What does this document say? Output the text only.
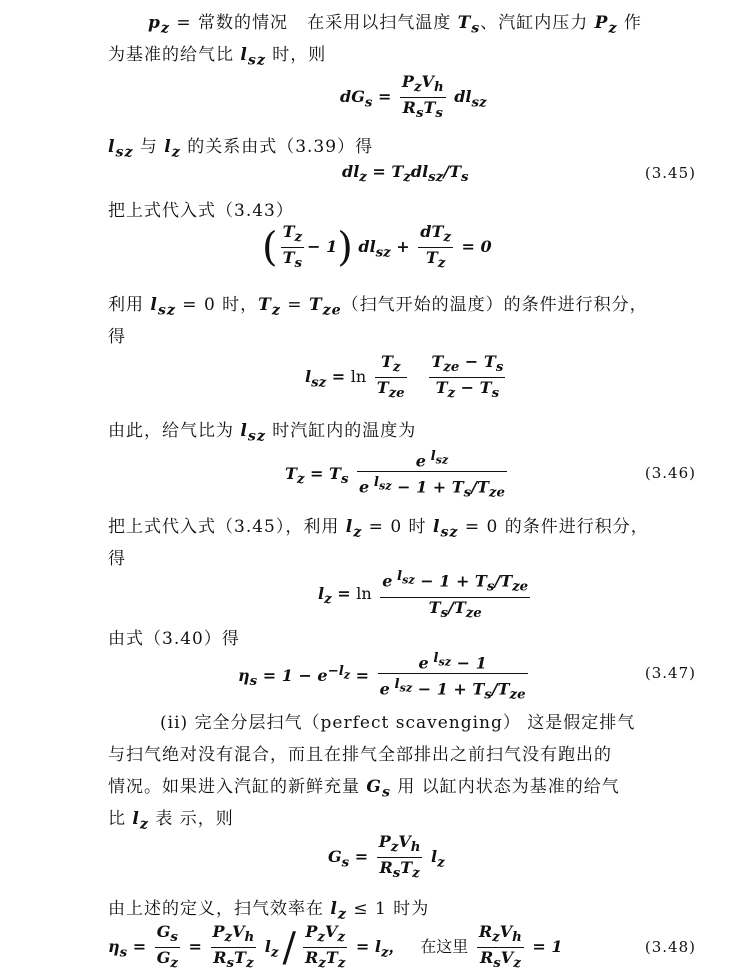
$p_z$ = 常数的情况   在采用以扫气温度 $T_s$、汽缸内压力 $P_z$ 作
为基准的给气比 $l_{sz}$ 时，则
$dG_s = \frac{P_zV_h}{R_sT_s} dl_{sz}$
$l_{sz}$ 与 $l_z$ 的关系由式（3.39）得
$dl_z = T_zdl_{sz}/T_s$	(3.45)
把上式代入式（3.43）
( $\frac{T_z}{T_s} - 1$) $dl_{sz} + \frac{dT_z}{T_z} = 0$
利用 $l_{sz} = 0$ 时，$T_z = T_{ze}$（扫气开始的温度）的条件进行积分，
得
$l_{sz} = \ln \frac{T_z}{T_{ze}}$
$\frac{T_{ze} - T_s}{T_z - T_s}$
由此，给气比为 $l_{sz}$ 时汽缸内的温度为
$T_z = T_s \frac{e ^{l_{sz}}}{e ^{l_{sz}} - 1 + T_s/T_{ze}}$	(3.46)
把上式代入式（3.45），利用 $l_z = 0$ 时 $l_{sz} = 0$ 的条件进行积分，
得
$l_z = \ln \frac{e ^{l_{sz}} - 1 + T_s/T_{ze}}{T_s/T_{ze}}$
由式（3.40）得
$\eta_s = 1 - e^{-l_z} = \frac{e ^{l_{sz}} - 1}{e ^{l_{sz}} - 1 + T_s/T_{ze}}$	(3.47)
(ii) 完全分层扫气（perfect scavenging） 这是假定排气
与扫气绝对没有混合，而且在排气全部排出之前扫气没有跑出的
情况。如果进入汽缸的新鲜充量 $G_s$ 用 以缸内状态为基准的给气
比 $l_z$ 表 示，则
$G_s = \frac{P_zV_h}{R_sT_z} l_z$
由上述的定义，扫气效率在 $l_z \le 1$ 时为
$\eta_s = \frac{G_s}{G_z} = \frac{P_zV_h}{R_sT_z} l_z / \frac{P_zV_z}{R_zT_z} = l_z$，   在这里 $\frac{R_zV_h}{R_sV_z} = 1$	(3.48)
